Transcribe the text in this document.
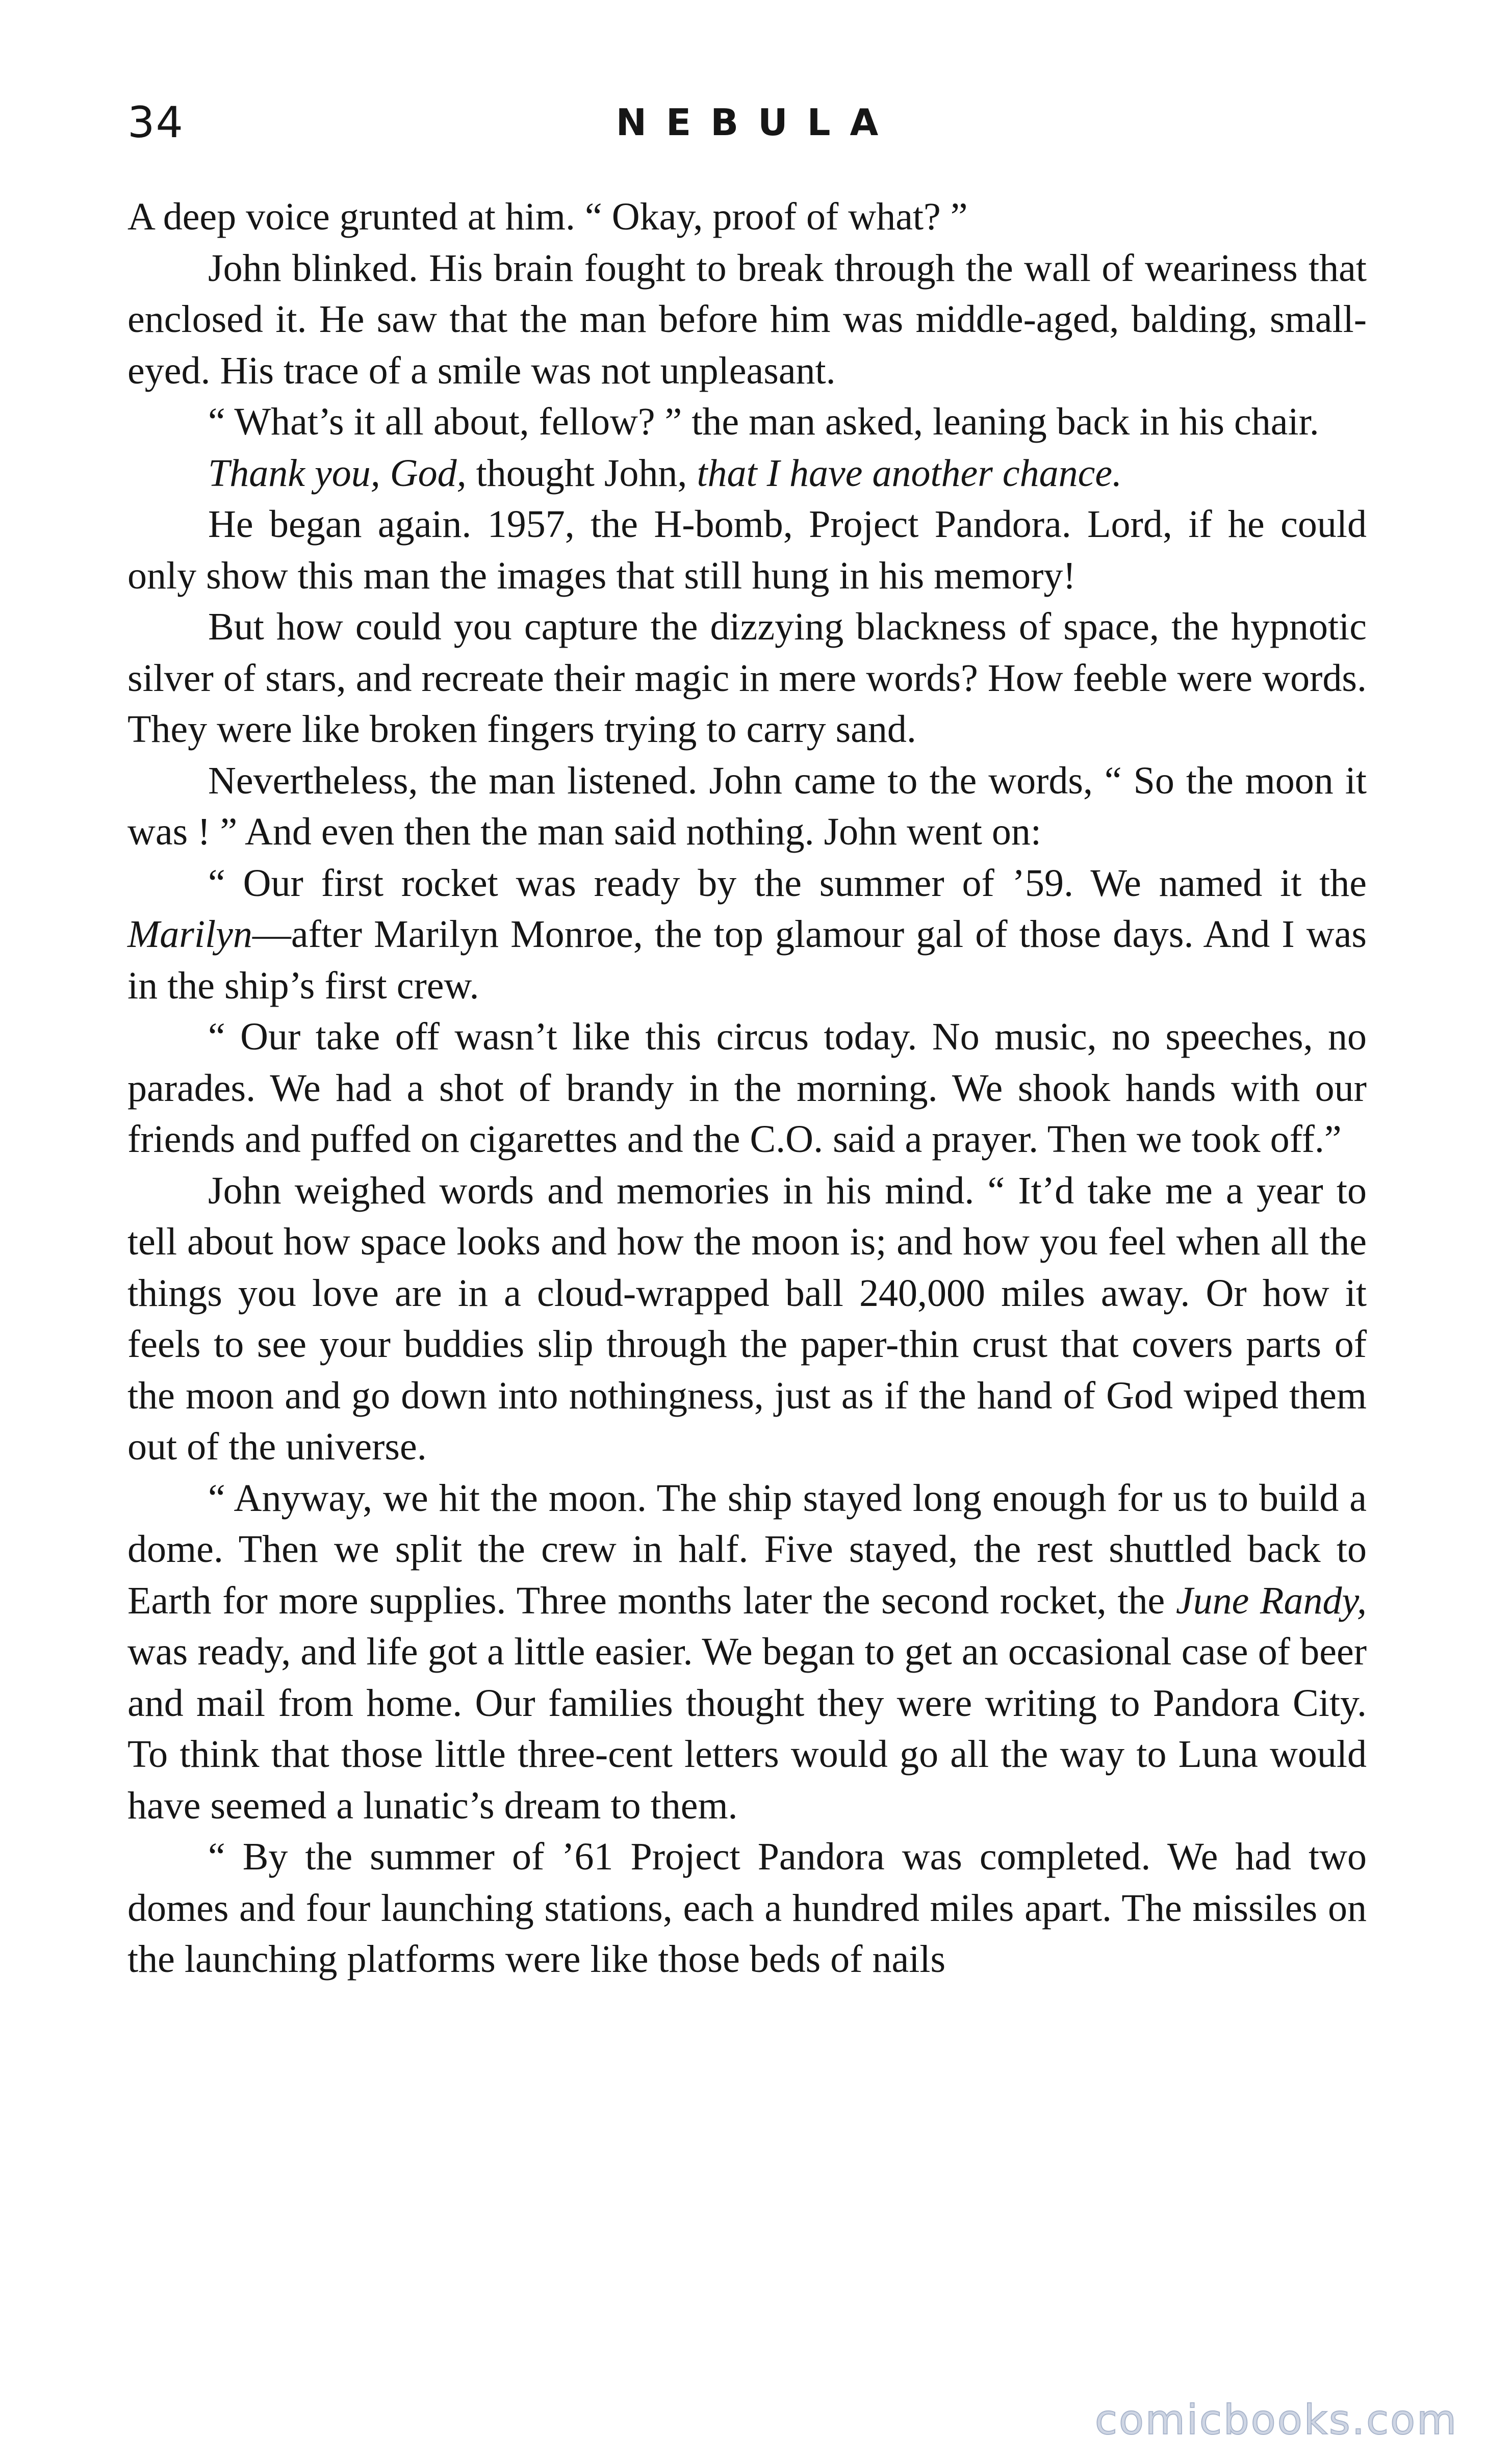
34	NEBULA

A deep voice grunted at him. “ Okay, proof of what? ”

John blinked. His brain fought to break through the wall of weariness that enclosed it. He saw that the man before him was middle-aged, balding, small-eyed. His trace of a smile was not unpleasant.

“ What’s it all about, fellow? ” the man asked, leaning back in his chair.

Thank you, God, thought John, that I have another chance.

He began again. 1957, the H-bomb, Project Pandora. Lord, if he could only show this man the images that still hung in his memory!

But how could you capture the dizzying blackness of space, the hypnotic silver of stars, and recreate their magic in mere words? How feeble were words. They were like broken fingers trying to carry sand.

Nevertheless, the man listened. John came to the words, “ So the moon it was ! ” And even then the man said nothing. John went on:

“ Our first rocket was ready by the summer of ’59. We named it the Marilyn—after Marilyn Monroe, the top glamour gal of those days. And I was in the ship’s first crew.

“ Our take off wasn’t like this circus today. No music, no speeches, no parades. We had a shot of brandy in the morning. We shook hands with our friends and puffed on cigarettes and the C.O. said a prayer. Then we took off.”

John weighed words and memories in his mind. “ It’d take me a year to tell about how space looks and how the moon is; and how you feel when all the things you love are in a cloud-wrapped ball 240,000 miles away. Or how it feels to see your buddies slip through the paper-thin crust that covers parts of the moon and go down into nothingness, just as if the hand of God wiped them out of the universe.

“ Anyway, we hit the moon. The ship stayed long enough for us to build a dome. Then we split the crew in half. Five stayed, the rest shuttled back to Earth for more supplies. Three months later the second rocket, the June Randy, was ready, and life got a little easier. We began to get an occasional case of beer and mail from home. Our families thought they were writing to Pandora City. To think that those little three-cent letters would go all the way to Luna would have seemed a lunatic’s dream to them.

“ By the summer of ’61 Project Pandora was completed. We had two domes and four launching stations, each a hundred miles apart. The missiles on the launching platforms were like those beds of nails

comicbooks.com
